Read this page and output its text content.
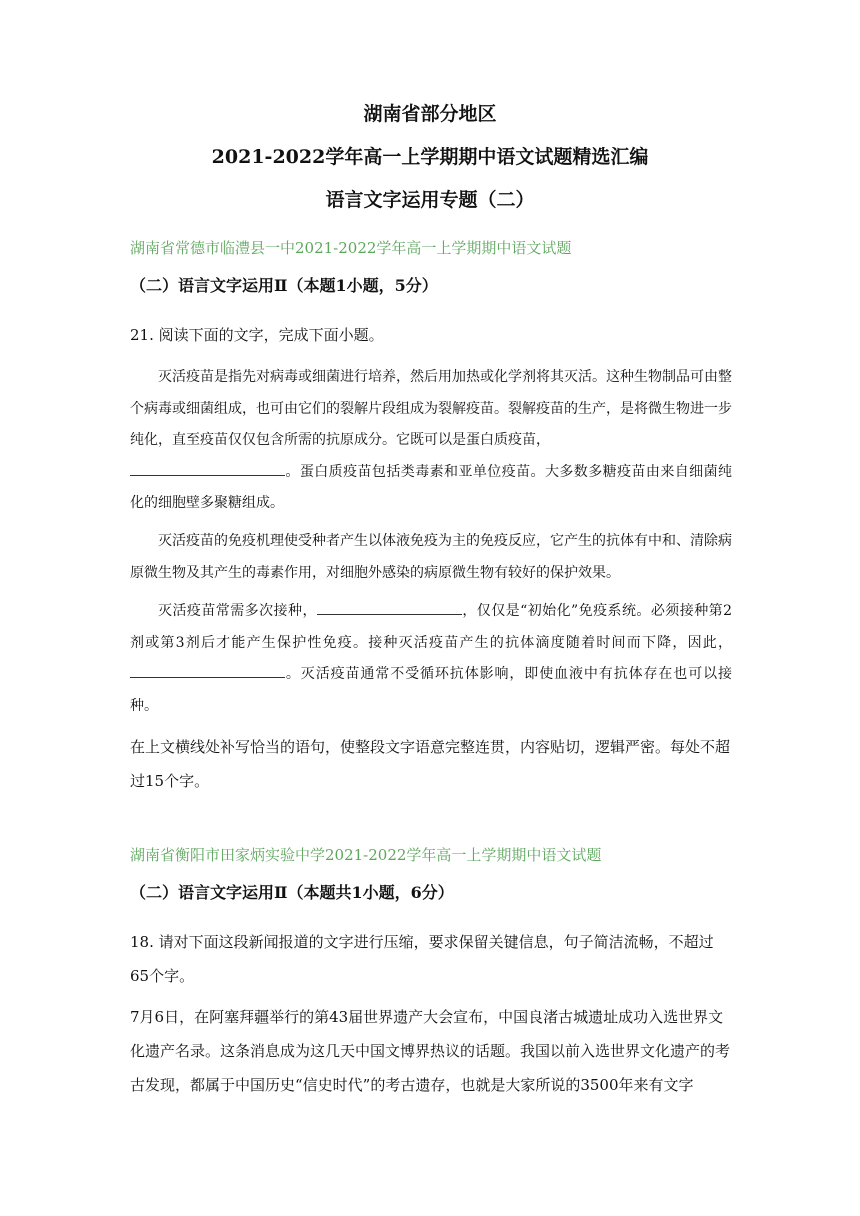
湖南省部分地区

2021-2022学年高一上学期期中语文试题精选汇编

语言文字运用专题（二）

湖南省常德市临澧县一中2021-2022学年高一上学期期中语文试题
（二）语言文字运用Ⅱ（本题1小题，5分）
21. 阅读下面的文字，完成下面小题。
灭活疫苗是指先对病毒或细菌进行培养，然后用加热或化学剂将其灭活。这种生物制品可由整个病毒或细菌组成，也可由它们的裂解片段组成为裂解疫苗。裂解疫苗的生产，是将微生物进一步纯化，直至疫苗仅仅包含所需的抗原成分。它既可以是蛋白质疫苗，
。蛋白质疫苗包括类毒素和亚单位疫苗。大多数多糖疫苗由来自细菌纯化的细胞壁多聚糖组成。
灭活疫苗的免疫机理使受种者产生以体液免疫为主的免疫反应，它产生的抗体有中和、清除病原微生物及其产生的毒素作用，对细胞外感染的病原微生物有较好的保护效果。
灭活疫苗常需多次接种，	，仅仅是“初始化”免疫系统。必须接种第2剂或第3剂后才能产生保护性免疫。接种灭活疫苗产生的抗体滴度随着时间而下降，因此，。灭活疫苗通常不受循环抗体影响，即使血液中有抗体存在也可以接种。
在上文横线处补写恰当的语句，使整段文字语意完整连贯，内容贴切，逻辑严密。每处不超过15个字。
湖南省衡阳市田家炳实验中学2021-2022学年高一上学期期中语文试题
（二）语言文字运用Ⅱ（本题共1小题，6分）
18. 请对下面这段新闻报道的文字进行压缩，要求保留关键信息，句子简洁流畅，不超过65个字。
7月6日，在阿塞拜疆举行的第43届世界遗产大会宣布，中国良渚古城遗址成功入选世界文化遗产名录。这条消息成为这几天中国文博界热议的话题。我国以前入选世界文化遗产的考古发现，都属于中国历史“信史时代”的考古遗存，也就是大家所说的3500年来有文字
